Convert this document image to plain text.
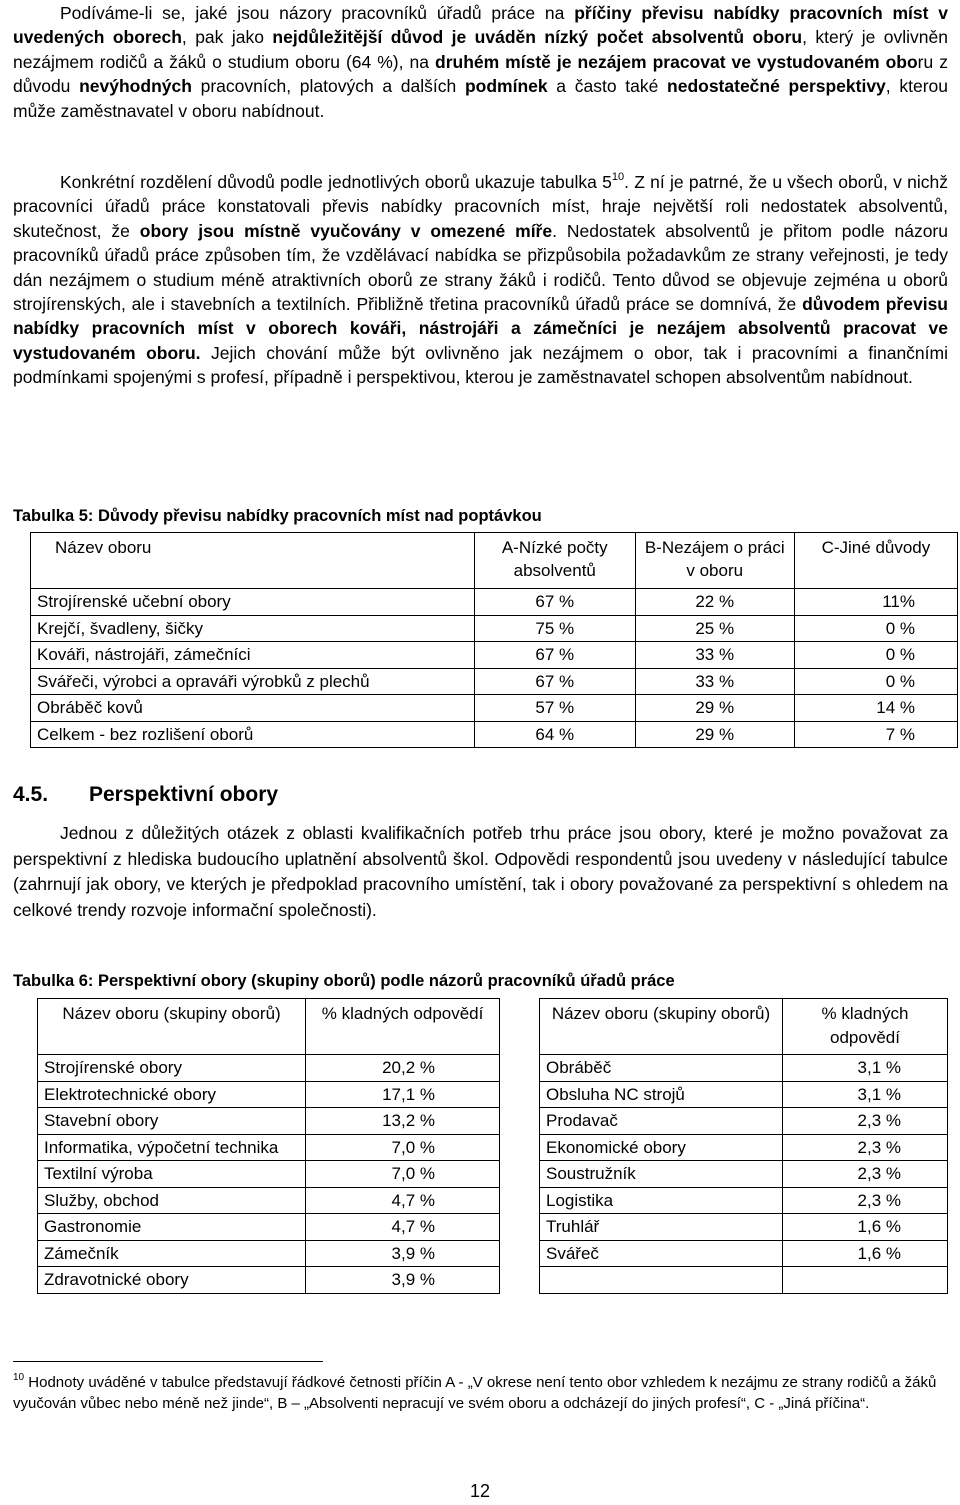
Podíváme-li se, jaké jsou názory pracovníků úřadů práce na příčiny převisu nabídky pracovních míst v uvedených oborech, pak jako nejdůležitější důvod je uváděn nízký počet absolventů oboru, který je ovlivněn nezájmem rodičů a žáků o studium oboru (64 %), na druhém místě je nezájem pracovat ve vystudovaném oboru z důvodu nevýhodných pracovních, platových a dalších podmínek a často také nedostatečné perspektivy, kterou může zaměstnavatel v oboru nabídnout.

Konkrétní rozdělení důvodů podle jednotlivých oborů ukazuje tabulka $5^{10}$. Z ní je patrné, že u všech oborů, v nichž pracovníci úřadů práce konstatovali převis nabídky pracovních míst, hraje největší roli nedostatek absolventů, skutečnost, že obory jsou místně vyučovány v omezené míře. Nedostatek absolventů je přitom podle názoru pracovníků úřadů práce způsoben tím, že vzdělávací nabídka se přizpůsobila požadavkům ze strany veřejnosti, je tedy dán nezájmem o studium méně atraktivních oborů ze strany žáků i rodičů. Tento důvod se objevuje zejména u oborů strojírenských, ale i stavebních a textilních. Přibližně třetina pracovníků úřadů práce se domnívá, že důvodem převisu nabídky pracovních míst v oborech kováři, nástrojáři a zámečníci je nezájem absolventů pracovat ve vystudovaném oboru. Jejich chování může být ovlivněno jak nezájmem o obor, tak i pracovními a finančními podmínkami spojenými s profesí, případně i perspektivou, kterou je zaměstnavatel schopen absolventům nabídnout.

Tabulka 5: Důvody převisu nabídky pracovních míst nad poptávkou

Název oboru	A-Nízké počty absolventů	B-Nezájem o práci v oboru	C-Jiné důvody
Strojírenské učební obory	67 %	22 %	11%
Krejčí, švadleny, šičky	75 %	25 %	0 %
Kováři, nástrojáři, zámečníci	67 %	33 %	0 %
Svářeči, výrobci a opraváři výrobků z plechů	67 %	33 %	0 %
Obráběč kovů	57 %	29 %	14 %
Celkem - bez rozlišení oborů	64 %	29 %	7 %

4.5. Perspektivní obory

Jednou z důležitých otázek z oblasti kvalifikačních potřeb trhu práce jsou obory, které je možno považovat za perspektivní z hlediska budoucího uplatnění absolventů škol. Odpovědi respondentů jsou uvedeny v následující tabulce (zahrnují jak obory, ve kterých je předpoklad pracovního umístění, tak i obory považované za perspektivní s ohledem na celkové trendy rozvoje informační společnosti).

Tabulka 6: Perspektivní obory (skupiny oborů) podle názorů pracovníků úřadů práce

Název oboru (skupiny oborů)	% kladných odpovědí
Strojírenské obory	20,2 %
Elektrotechnické obory	17,1 %
Stavební obory	13,2 %
Informatika, výpočetní technika	7,0 %
Textilní výroba	7,0 %
Služby, obchod	4,7 %
Gastronomie	4,7 %
Zámečník	3,9 %
Zdravotnické obory	3,9 %
Název oboru (skupiny oborů)	% kladných odpovědí
Obráběč	3,1 %
Obsluha NC strojů	3,1 %
Prodavač	2,3 %
Ekonomické obory	2,3 %
Soustružník	2,3 %
Logistika	2,3 %
Truhlář	1,6 %
Svářeč	1,6 %

$^{10}$ Hodnoty uváděné v tabulce představují řádkové četnosti příčin A - „V okrese není tento obor vzhledem k nezájmu ze strany rodičů a žáků vyučován vůbec nebo méně než jinde“, B – „Absolventi nepracují ve svém oboru a odcházejí do jiných profesí“, C - „Jiná příčina“.

12
